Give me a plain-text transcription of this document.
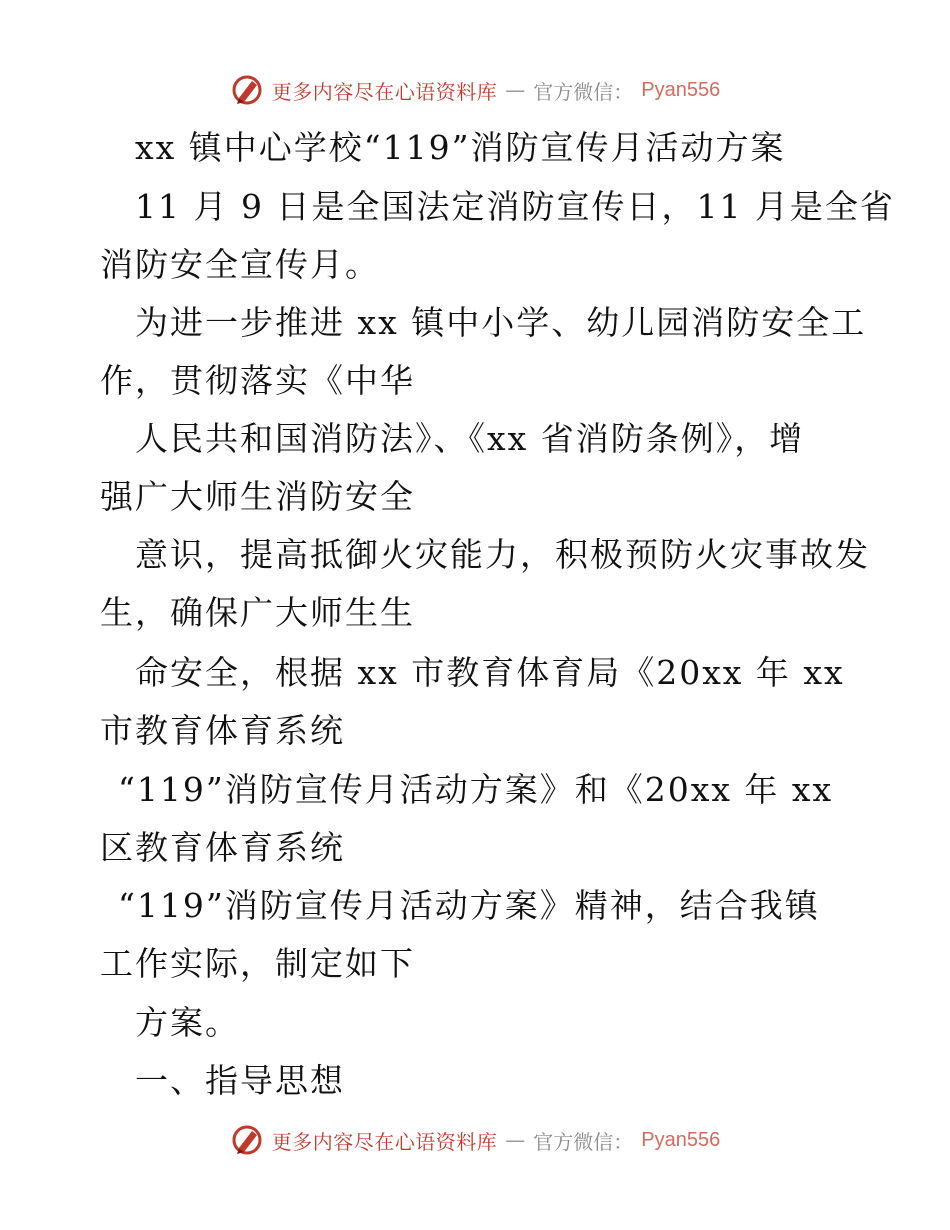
更多内容尽在心语资料库 — 官方微信： Pyan556
xx 镇中心学校“119”消防宣传月活动方案
11 月 9 日是全国法定消防宣传日，11 月是全省
消防安全宣传月。
为进一步推进 xx 镇中小学、幼儿园消防安全工
作，贯彻落实《中华
人民共和国消防法》、《xx 省消防条例》，增
强广大师生消防安全
意识，提高抵御火灾能力，积极预防火灾事故发
生，确保广大师生生
命安全，根据 xx 市教育体育局《20xx 年 xx
市教育体育系统
“119”消防宣传月活动方案》和《20xx 年 xx
区教育体育系统
“119”消防宣传月活动方案》精神，结合我镇
工作实际，制定如下
方案。
一、指导思想
更多内容尽在心语资料库 — 官方微信： Pyan556
